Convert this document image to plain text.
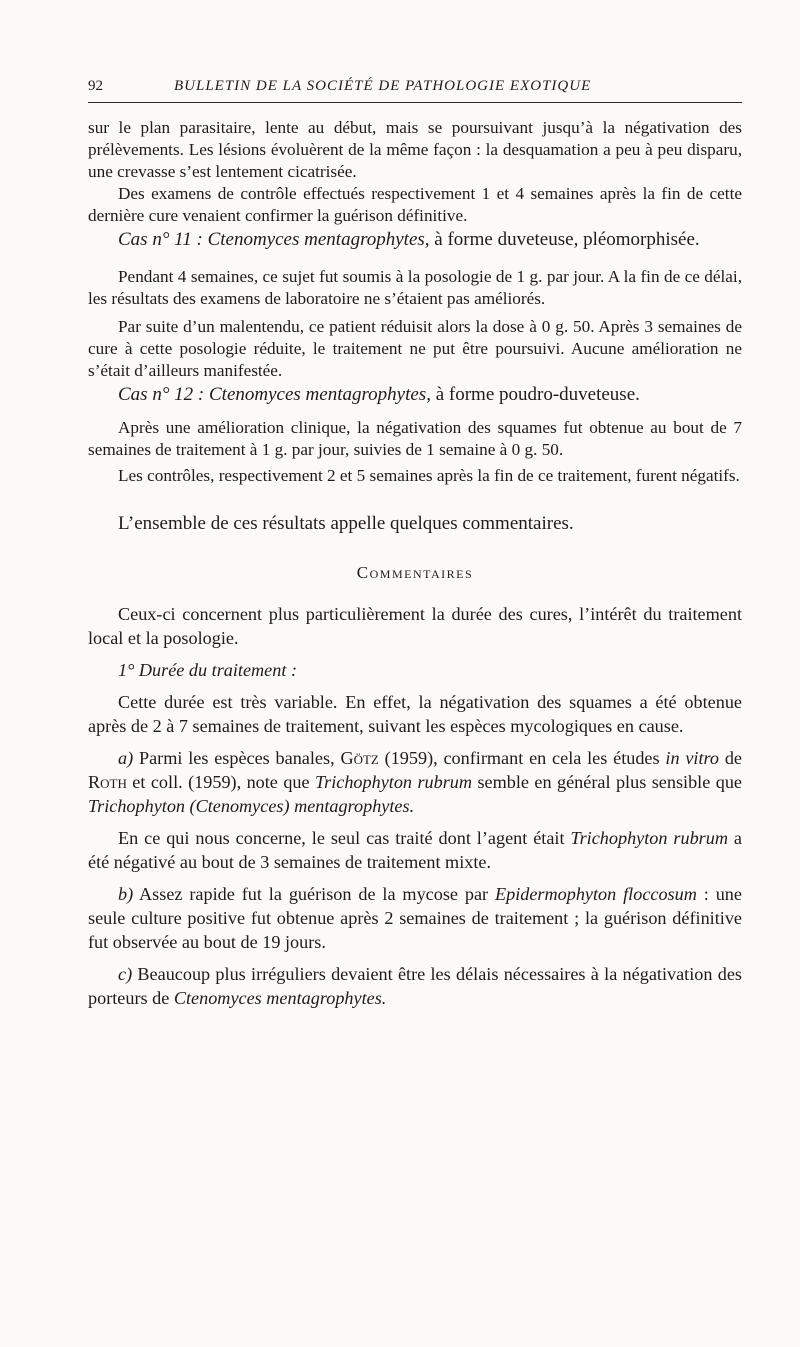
92	BULLETIN DE LA SOCIÉTÉ DE PATHOLOGIE EXOTIQUE

sur le plan parasitaire, lente au début, mais se poursuivant jusqu’à la négativation des prélèvements. Les lésions évoluèrent de la même façon : la desquamation a peu à peu disparu, une crevasse s’est lentement cicatrisée.

Des examens de contrôle effectués respectivement 1 et 4 semaines après la fin de cette dernière cure venaient confirmer la guérison définitive.

Cas n° 11 : Ctenomyces mentagrophytes, à forme duveteuse, pléomorphisée.

Pendant 4 semaines, ce sujet fut soumis à la posologie de 1 g. par jour. A la fin de ce délai, les résultats des examens de laboratoire ne s’étaient pas améliorés.

Par suite d’un malentendu, ce patient réduisit alors la dose à 0 g. 50. Après 3 semaines de cure à cette posologie réduite, le traitement ne put être poursuivi. Aucune amélioration ne s’était d’ailleurs manifestée.

Cas n° 12 : Ctenomyces mentagrophytes, à forme poudro-duveteuse.

Après une amélioration clinique, la négativation des squames fut obtenue au bout de 7 semaines de traitement à 1 g. par jour, suivies de 1 semaine à 0 g. 50.

Les contrôles, respectivement 2 et 5 semaines après la fin de ce traitement, furent négatifs.

L’ensemble de ces résultats appelle quelques commentaires.

Commentaires

Ceux-ci concernent plus particulièrement la durée des cures, l’intérêt du traitement local et la posologie.

1° Durée du traitement :

Cette durée est très variable. En effet, la négativation des squames a été obtenue après de 2 à 7 semaines de traitement, suivant les espèces mycologiques en cause.

a) Parmi les espèces banales, Götz (1959), confirmant en cela les études in vitro de Roth et coll. (1959), note que Trichophyton rubrum semble en général plus sensible que Trichophyton (Ctenomyces) mentagrophytes.

En ce qui nous concerne, le seul cas traité dont l’agent était Trichophyton rubrum a été négativé au bout de 3 semaines de traitement mixte.

b) Assez rapide fut la guérison de la mycose par Epidermophyton floccosum : une seule culture positive fut obtenue après 2 semaines de traitement ; la guérison définitive fut observée au bout de 19 jours.

c) Beaucoup plus irréguliers devaient être les délais nécessaires à la négativation des porteurs de Ctenomyces mentagrophytes.
